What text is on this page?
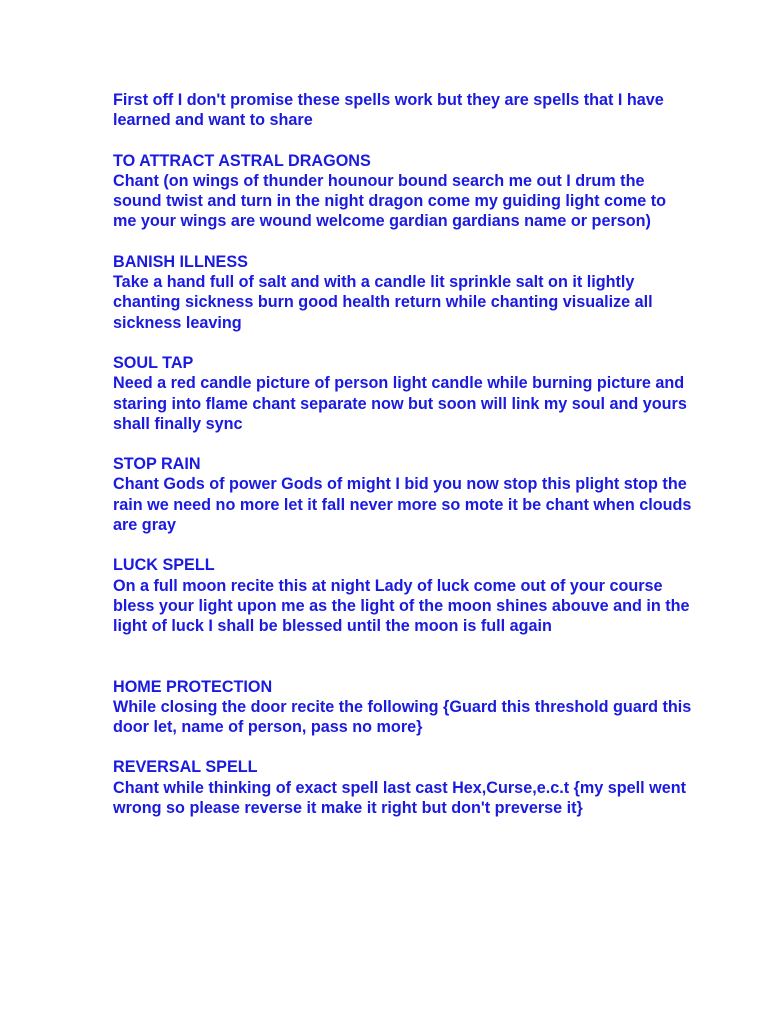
First off I don't promise these spells work but they are spells that I have learned and want to share

TO ATTRACT ASTRAL DRAGONS
Chant (on wings of thunder hounour bound search me out I drum the sound twist and turn in the night dragon come my guiding light come to me your wings are wound welcome gardian gardians name or person)
BANISH ILLNESS
Take a hand full of salt and with a candle lit sprinkle salt on it lightly chanting sickness burn good health return while chanting visualize all sickness leaving
SOUL TAP
Need a red candle picture of person light candle while burning picture and staring into flame chant separate now but soon will link my soul and yours shall finally sync
STOP RAIN
Chant Gods of power Gods of might I bid you now stop this plight stop the rain we need no more let it fall never more so mote it be chant when clouds are gray
LUCK SPELL
On a full moon recite this at night Lady of luck come out of your course bless your light upon me as the light of the moon shines abouve and in the light of luck I shall be blessed until the moon is full again
HOME PROTECTION
While closing the door recite the following {Guard this threshold guard this door let, name of person, pass no more}
REVERSAL SPELL
Chant while thinking of exact spell last cast Hex,Curse,e.c.t {my spell went wrong so please reverse it make it right but don't preverse it}
